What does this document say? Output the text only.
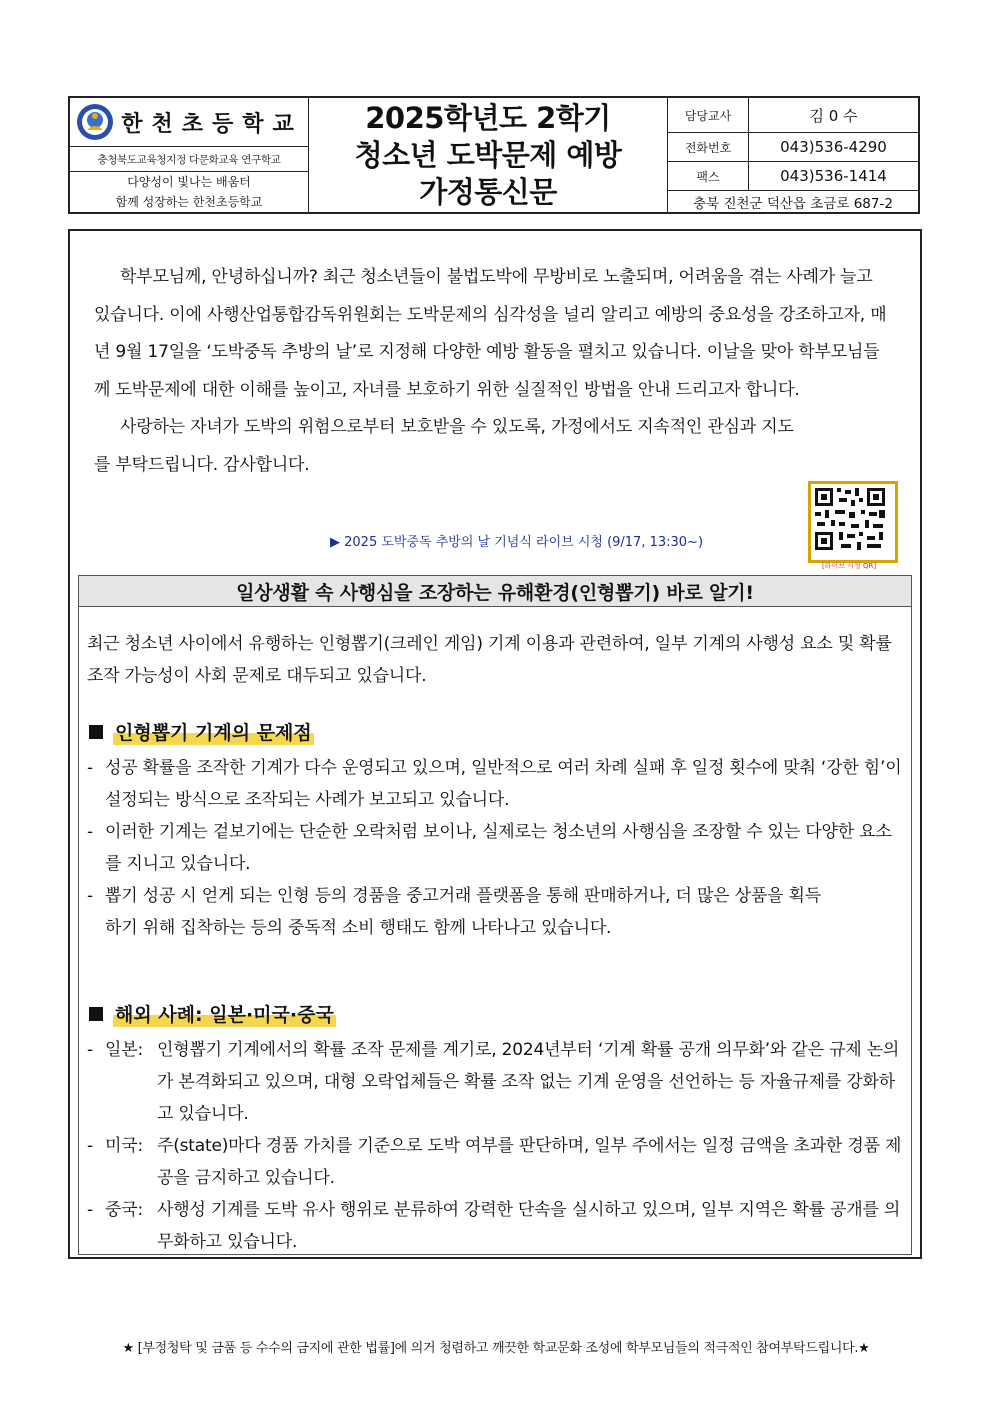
한천초등학교
충청북도교육청지정 다문화교육 연구학교
다양성이 빛나는 배움터
함께 성장하는 한천초등학교
2025학년도 2학기
청소년 도박문제 예방
가정통신문
담당교사	김 0 수
전화번호	043)536-4290
팩스	043)536-1414
충북 진천군 덕산읍 초금로 687-2

학부모님께, 안녕하십니까? 최근 청소년들이 불법도박에 무방비로 노출되며, 어려움을 겪는 사례가 늘고 있습니다. 이에 사행산업통합감독위원회는 도박문제의 심각성을 널리 알리고 예방의 중요성을 강조하고자, 매년 9월 17일을 ‘도박중독 추방의 날’로 지정해 다양한 예방 활동을 펼치고 있습니다. 이날을 맞아 학부모님들께 도박문제에 대한 이해를 높이고, 자녀를 보호하기 위한 실질적인 방법을 안내 드리고자 합니다.

사랑하는 자녀가 도박의 위험으로부터 보호받을 수 있도록, 가정에서도 지속적인 관심과 지도를 부탁드립니다. 감사합니다.

[라이브 시청 QR]
▶ 2025 도박중독 추방의 날 기념식 라이브 시청 (9/17, 13:30~)
일상생활 속 사행심을 조장하는 유해환경(인형뽑기) 바로 알기!
최근 청소년 사이에서 유행하는 인형뽑기(크레인 게임) 기계 이용과 관련하여, 일부 기계의 사행성 요소 및 확률 조작 가능성이 사회 문제로 대두되고 있습니다.
인형뽑기 기계의 문제점
- 성공 확률을 조작한 기계가 다수 운영되고 있으며, 일반적으로 여러 차례 실패 후 일정 횟수에 맞춰 ‘강한 힘’이 설정되는 방식으로 조작되는 사례가 보고되고 있습니다.
- 이러한 기계는 겉보기에는 단순한 오락처럼 보이나, 실제로는 청소년의 사행심을 조장할 수 있는 다양한 요소를 지니고 있습니다.
- 뽑기 성공 시 얻게 되는 인형 등의 경품을 중고거래 플랫폼을 통해 판매하거나, 더 많은 상품을 획득하기 위해 집착하는 등의 중독적 소비 행태도 함께 나타나고 있습니다.
해외 사례: 일본·미국·중국
- 일본: 인형뽑기 기계에서의 확률 조작 문제를 계기로, 2024년부터 ‘기계 확률 공개 의무화’와 같은 규제 논의가 본격화되고 있으며, 대형 오락업체들은 확률 조작 없는 기계 운영을 선언하는 등 자율규제를 강화하고 있습니다.
- 미국: 주(state)마다 경품 가치를 기준으로 도박 여부를 판단하며, 일부 주에서는 일정 금액을 초과한 경품 제공을 금지하고 있습니다.
- 중국: 사행성 기계를 도박 유사 행위로 분류하여 강력한 단속을 실시하고 있으며, 일부 지역은 확률 공개를 의무화하고 있습니다.
★ [부정청탁 및 금품 등 수수의 금지에 관한 법률]에 의거 청렴하고 깨끗한 학교문화 조성에 학부모님들의 적극적인 참여부탁드립니다.★
